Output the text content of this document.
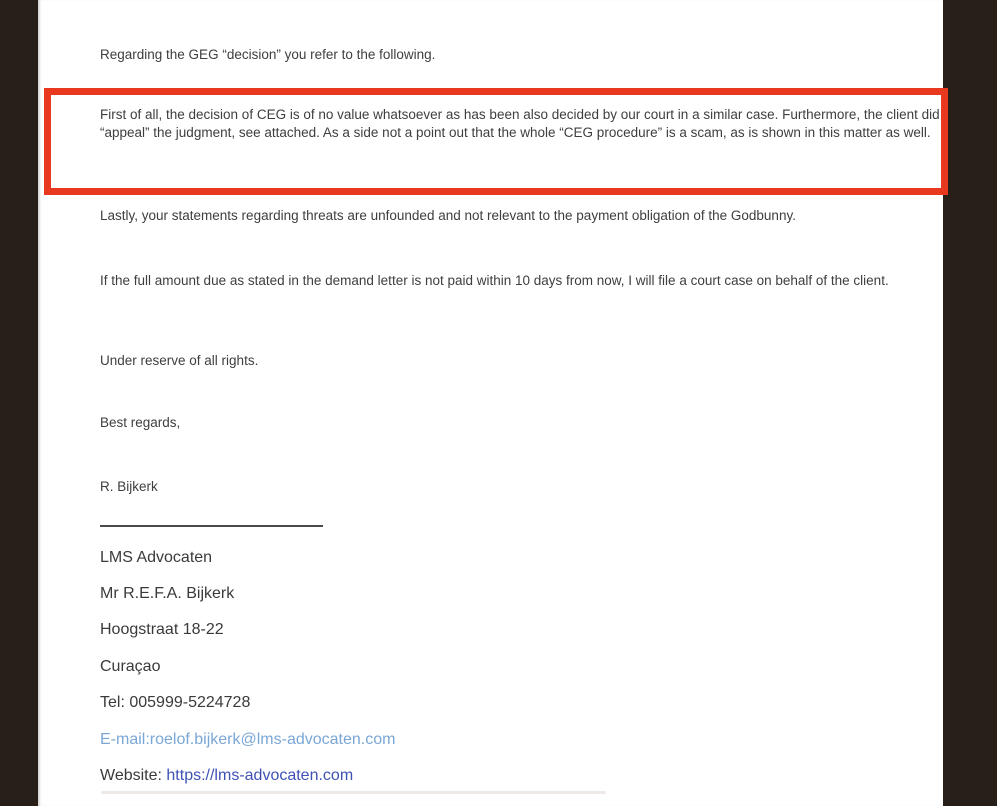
Regarding the GEG “decision” you refer to the following.
First of all, the decision of CEG is of no value whatsoever as has been also decided by our court in a similar case. Furthermore, the client did “appeal” the judgment, see attached. As a side not a point out that the whole “CEG procedure” is a scam, as is shown in this matter as well.
Lastly, your statements regarding threats are unfounded and not relevant to the payment obligation of the Godbunny.
If the full amount due as stated in the demand letter is not paid within 10 days from now, I will file a court case on behalf of the client.
Under reserve of all rights.
Best regards,
R. Bijkerk
LMS Advocaten
Mr R.E.F.A. Bijkerk
Hoogstraat 18-22
Curaçao
Tel: 005999-5224728
E-mail:roelof.bijkerk@lms-advocaten.com
Website: https://lms-advocaten.com
